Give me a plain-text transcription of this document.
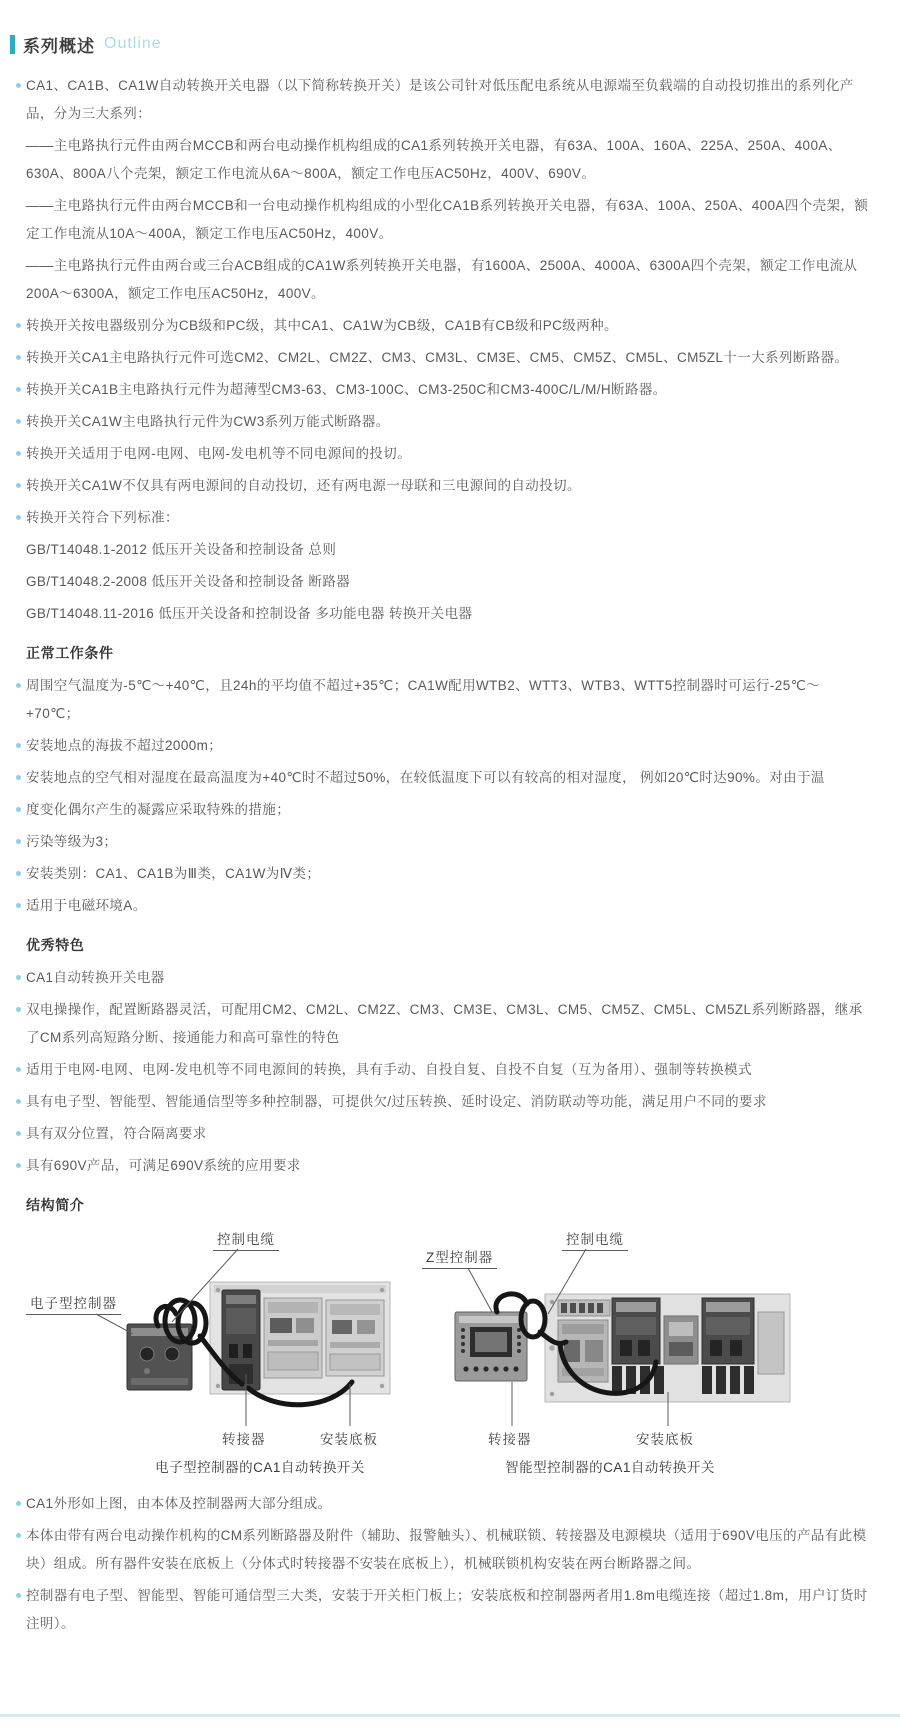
系列概述 Outline

CA1、CA1B、CA1W自动转换开关电器（以下简称转换开关）是该公司针对低压配电系统从电源端至负载端的自动投切推出的系列化产品，分为三大系列：

——主电路执行元件由两台MCCB和两台电动操作机构组成的CA1系列转换开关电器，有63A、100A、160A、225A、250A、400A、630A、800A八个壳架，额定工作电流从6A～800A，额定工作电压AC50Hz，400V、690V。

——主电路执行元件由两台MCCB和一台电动操作机构组成的小型化CA1B系列转换开关电器，有63A、100A、250A、400A四个壳架，额定工作电流从10A～400A，额定工作电压AC50Hz，400V。

——主电路执行元件由两台或三台ACB组成的CA1W系列转换开关电器，有1600A、2500A、4000A、6300A四个壳架，额定工作电流从200A～6300A，额定工作电压AC50Hz，400V。

转换开关按电器级别分为CB级和PC级，其中CA1、CA1W为CB级，CA1B有CB级和PC级两种。

转换开关CA1主电路执行元件可选CM2、CM2L、CM2Z、CM3、CM3L、CM3E、CM5、CM5Z、CM5L、CM5ZL十一大系列断路器。

转换开关CA1B主电路执行元件为超薄型CM3-63、CM3-100C、CM3-250C和CM3-400C/L/M/H断路器。

转换开关CA1W主电路执行元件为CW3系列万能式断路器。

转换开关适用于电网-电网、电网-发电机等不同电源间的投切。

转换开关CA1W不仅具有两电源间的自动投切，还有两电源一母联和三电源间的自动投切。

转换开关符合下列标准：

GB/T14048.1-2012 低压开关设备和控制设备 总则

GB/T14048.2-2008 低压开关设备和控制设备 断路器

GB/T14048.11-2016 低压开关设备和控制设备 多功能电器 转换开关电器

正常工作条件

周围空气温度为-5℃～+40℃，且24h的平均值不超过+35℃；CA1W配用WTB2、WTT3、WTB3、WTT5控制器时可运行-25℃～ +70℃；

安装地点的海拔不超过2000m；

安装地点的空气相对湿度在最高温度为+40℃时不超过50%，在较低温度下可以有较高的相对湿度， 例如20℃时达90%。对由于温

度变化偶尔产生的凝露应采取特殊的措施；

污染等级为3；

安装类别：CA1、CA1B为Ⅲ类，CA1W为Ⅳ类；

适用于电磁环境A。

优秀特色

CA1自动转换开关电器

双电操操作，配置断路器灵活，可配用CM2、CM2L、CM2Z、CM3、CM3E、CM3L、CM5、CM5Z、CM5L、CM5ZL系列断路器，继承了CM系列高短路分断、接通能力和高可靠性的特色

适用于电网-电网、电网-发电机等不同电源间的转换，具有手动、自投自复、自投不自复（互为备用）、强制等转换模式

具有电子型、智能型、智能通信型等多种控制器，可提供欠/过压转换、延时设定、消防联动等功能，满足用户不同的要求

具有双分位置，符合隔离要求

具有690V产品，可满足690V系统的应用要求

结构简介
控制电缆
电子型控制器
转接器	安装底板
电子型控制器的CA1自动转换开关
Z型控制器
控制电缆
转接器	安装底板
智能型控制器的CA1自动转换开关

CA1外形如上图，由本体及控制器两大部分组成。

本体由带有两台电动操作机构的CM系列断路器及附件（辅助、报警触头）、机械联锁、转接器及电源模块（适用于690V电压的产品有此模块）组成。所有器件安装在底板上（分体式时转接器不安装在底板上），机械联锁机构安装在两台断路器之间。

控制器有电子型、智能型、智能可通信型三大类，安装于开关柜门板上；安装底板和控制器两者用1.8m电缆连接（超过1.8m，用户订货时注明）。
